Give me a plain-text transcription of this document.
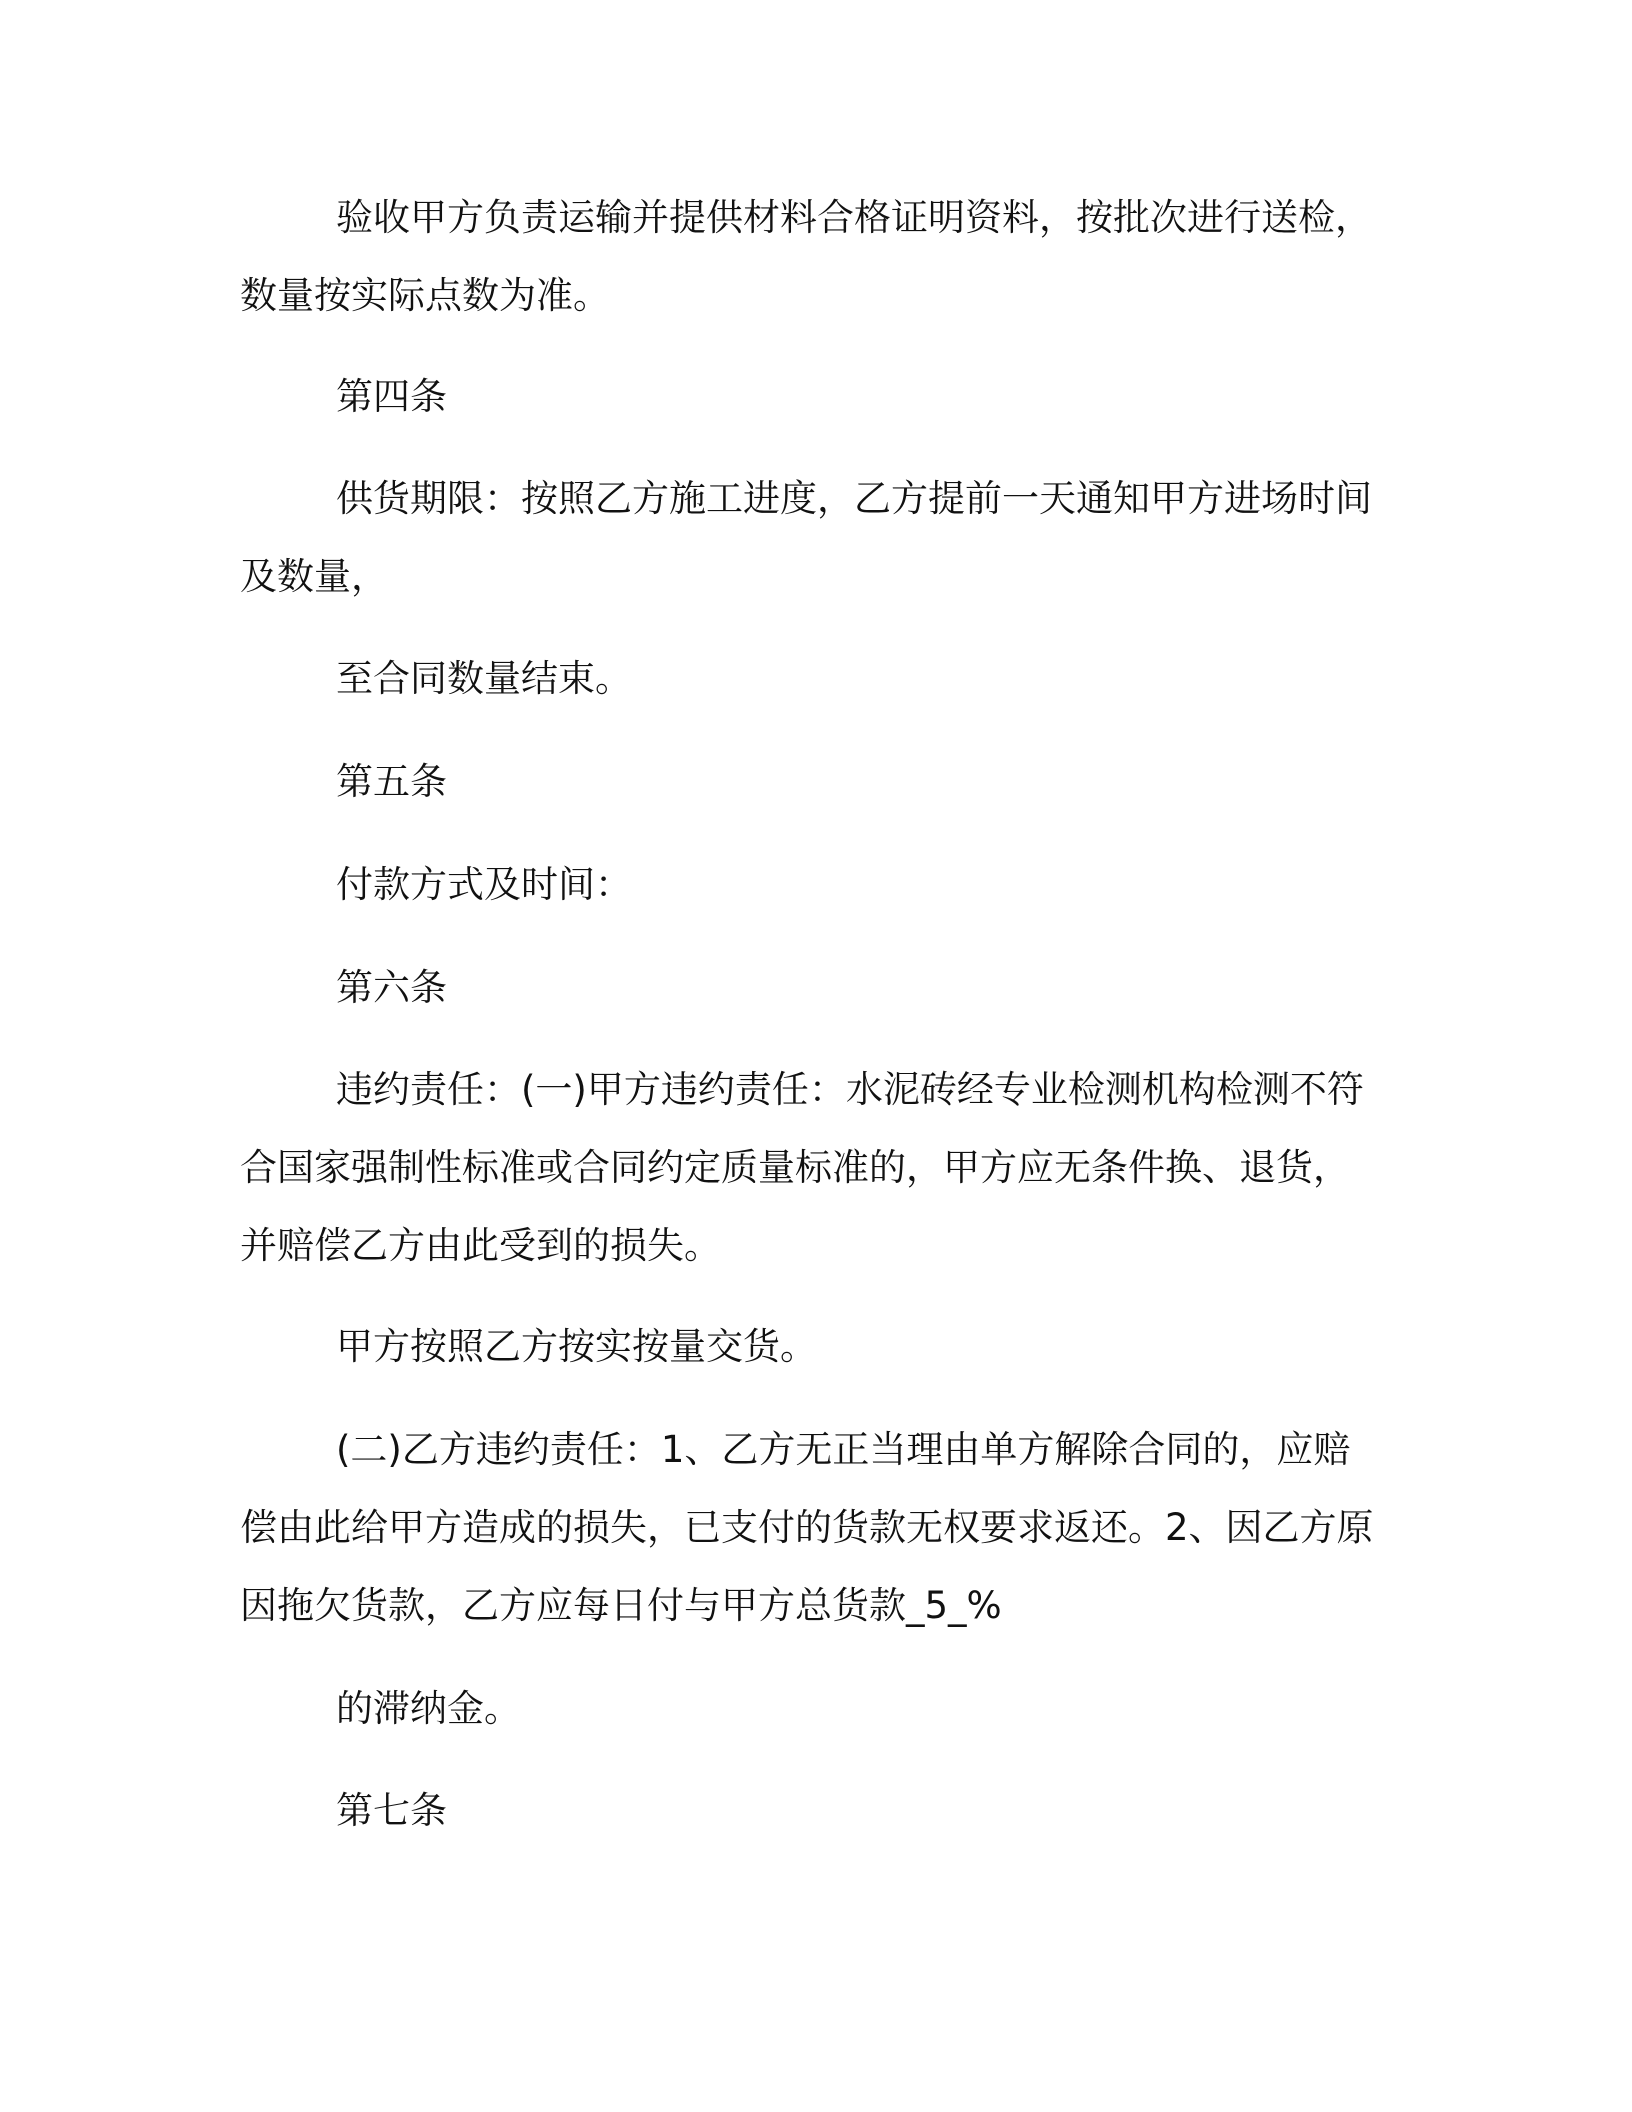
验收甲方负责运输并提供材料合格证明资料，按批次进行送检，
数量按实际点数为准。
第四条
供货期限：按照乙方施工进度，乙方提前一天通知甲方进场时间
及数量，
至合同数量结束。
第五条
付款方式及时间：
第六条
违约责任：(一)甲方违约责任：水泥砖经专业检测机构检测不符
合国家强制性标准或合同约定质量标准的，甲方应无条件换、退货，
并赔偿乙方由此受到的损失。
甲方按照乙方按实按量交货。
(二)乙方违约责任：1、乙方无正当理由单方解除合同的，应赔
偿由此给甲方造成的损失，已支付的货款无权要求返还。2、因乙方原
因拖欠货款，乙方应每日付与甲方总货款_5_%
的滞纳金。
第七条
